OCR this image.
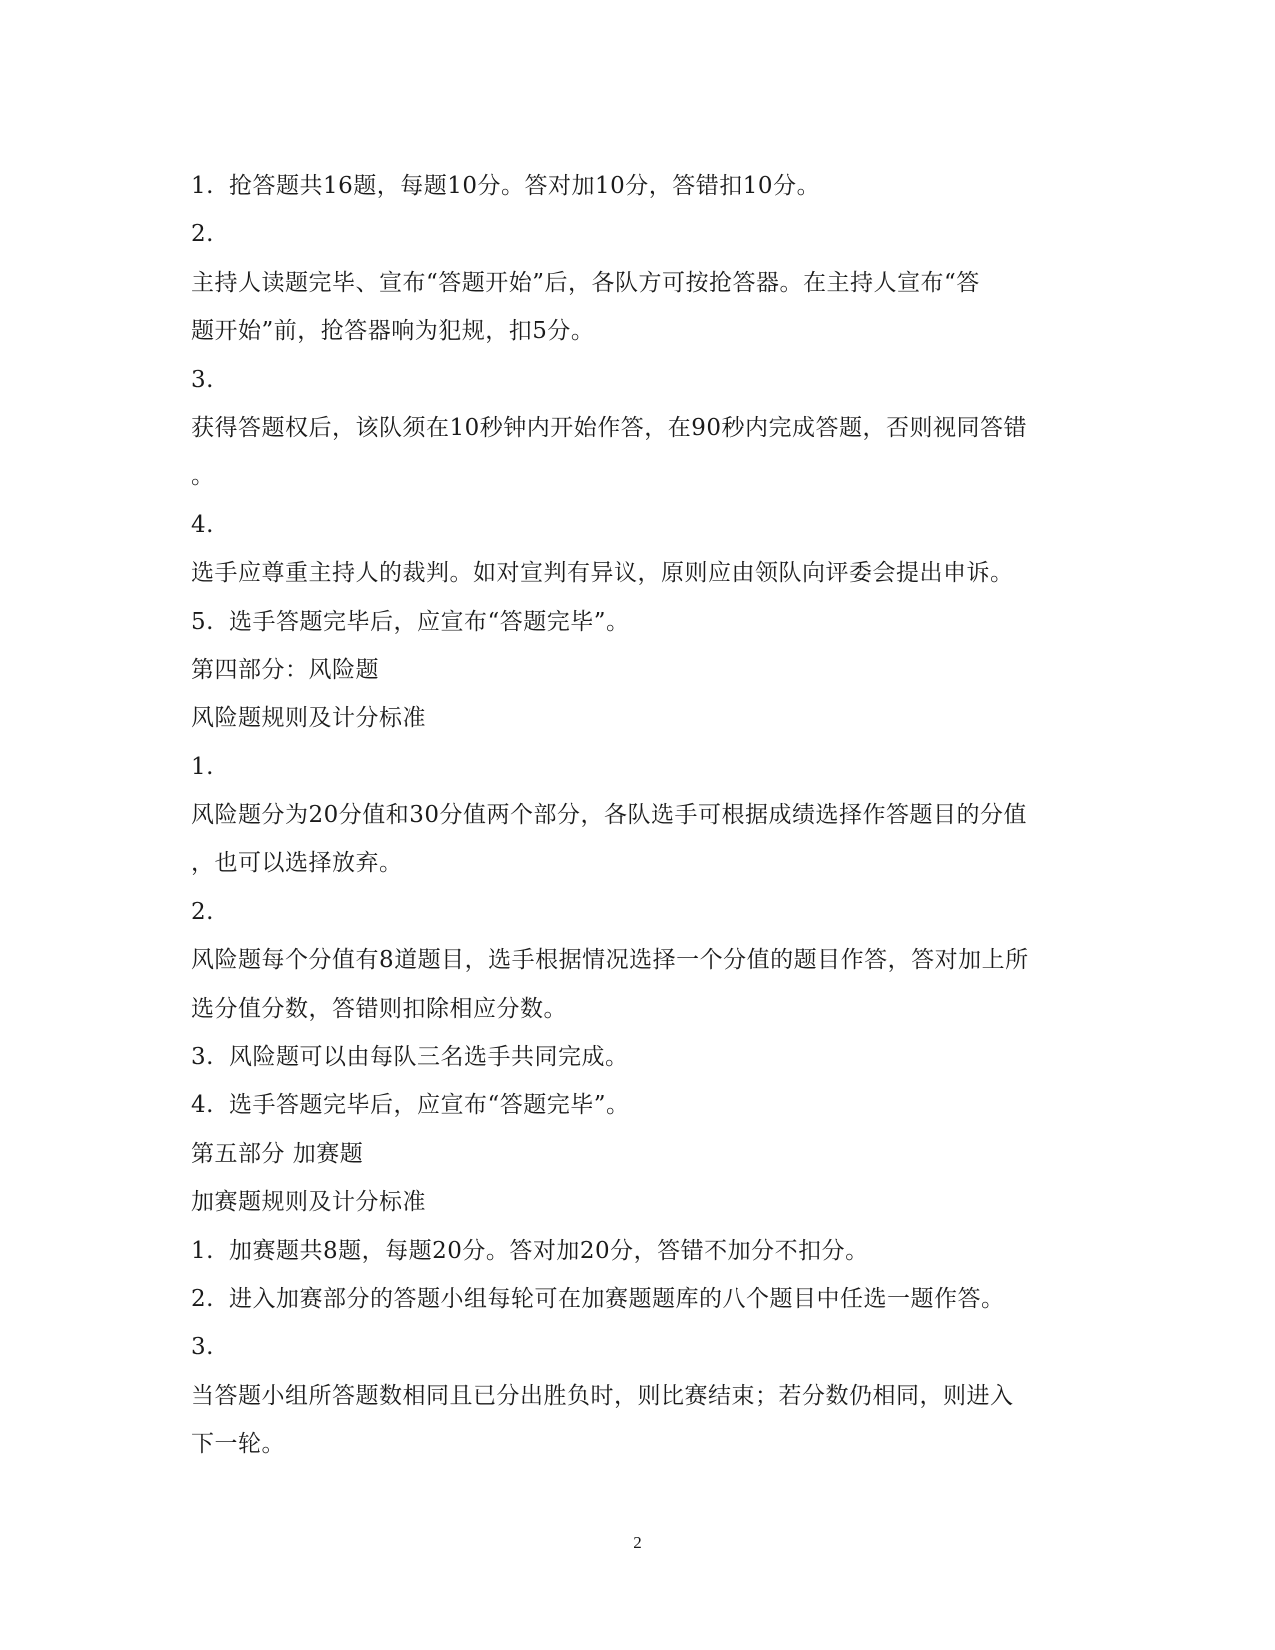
1. 抢答题共16题，每题10分。答对加10分，答错扣10分。
2.
主持人读题完毕、宣布“答题开始”后，各队方可按抢答器。在主持人宣布“答
题开始”前，抢答器响为犯规，扣5分。
3.
获得答题权后，该队须在10秒钟内开始作答，在90秒内完成答题，否则视同答错
。
4.
选手应尊重主持人的裁判。如对宣判有异议，原则应由领队向评委会提出申诉。
5. 选手答题完毕后，应宣布“答题完毕”。
第四部分：风险题
风险题规则及计分标准
1.
风险题分为20分值和30分值两个部分，各队选手可根据成绩选择作答题目的分值
，也可以选择放弃。
2.
风险题每个分值有8道题目，选手根据情况选择一个分值的题目作答，答对加上所
选分值分数，答错则扣除相应分数。
3. 风险题可以由每队三名选手共同完成。
4. 选手答题完毕后，应宣布“答题完毕”。
第五部分 加赛题
加赛题规则及计分标准
1. 加赛题共8题，每题20分。答对加20分，答错不加分不扣分。
2. 进入加赛部分的答题小组每轮可在加赛题题库的八个题目中任选一题作答。
3.
当答题小组所答题数相同且已分出胜负时，则比赛结束；若分数仍相同，则进入
下一轮。
2
